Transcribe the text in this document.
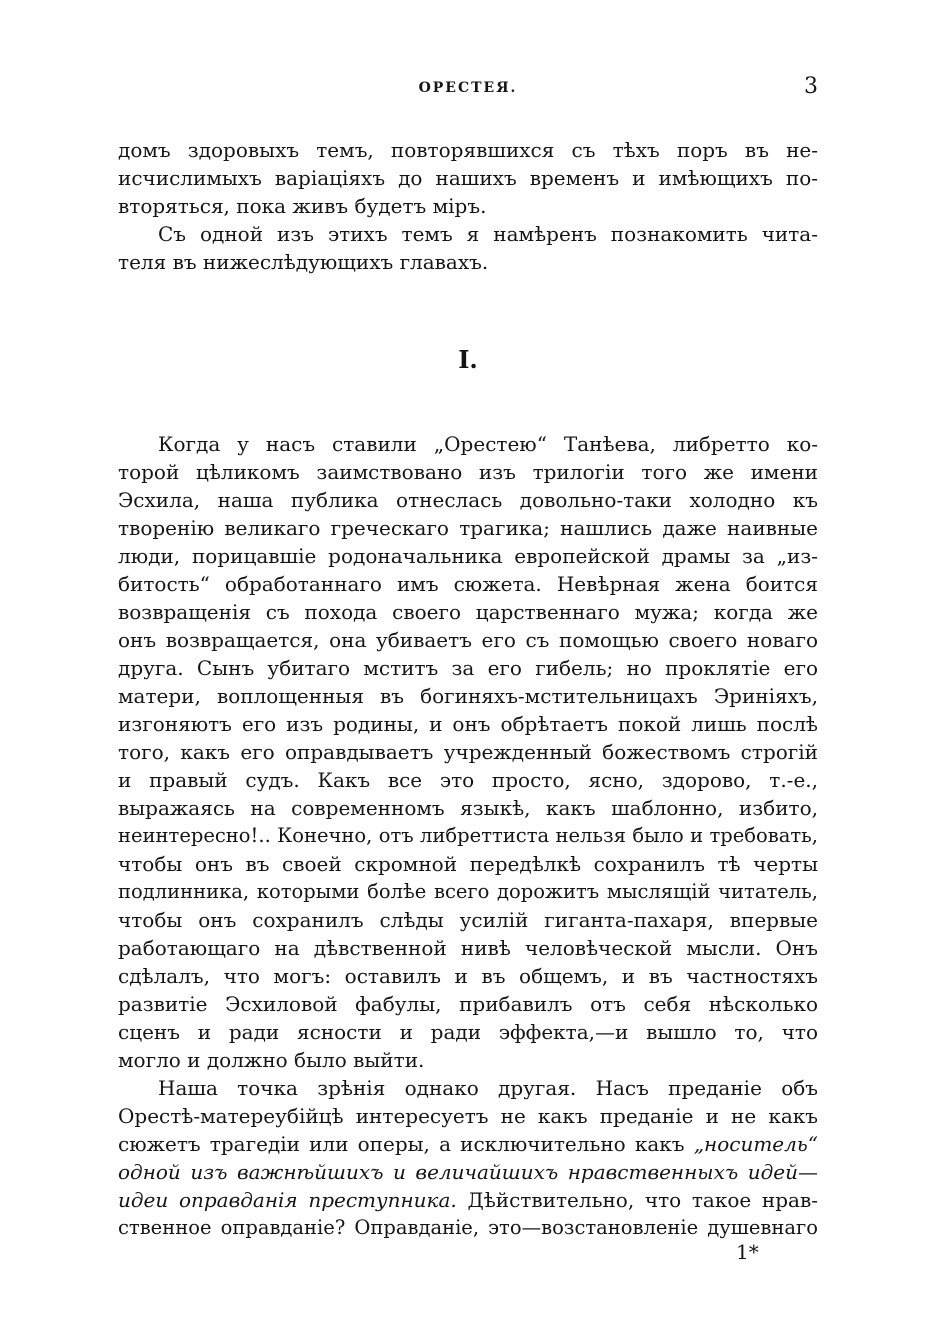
ОРЕСТЕЯ.	3
домъ здоровыхъ темъ, повторявшихся съ тѣхъ поръ въ не-
исчислимыхъ варiацiяхъ до нашихъ временъ и имѣющихъ по-
вторяться, пока живъ будетъ мiръ.
Съ одной изъ этихъ темъ я намѣренъ познакомить чита-
теля въ нижеслѣдующихъ главахъ.
I.
Когда у насъ ставили „Орестею“ Танѣева, либретто ко-
торой цѣликомъ заимствовано изъ трилогiи того же имени
Эсхила, наша публика отнеслась довольно-таки холодно къ
творенiю великаго греческаго трагика; нашлись даже наивные
люди, порицавшiе родоначальника европейской драмы за „из-
битость“ обработаннаго имъ сюжета. Невѣрная жена боится
возвращенiя съ похода своего царственнаго мужа; когда же
онъ возвращается, она убиваетъ его съ помощью своего новаго
друга. Сынъ убитаго мститъ за его гибель; но проклятiе его
матери, воплощенныя въ богиняхъ-мстительницахъ Эринiяхъ,
изгоняютъ его изъ родины, и онъ обрѣтаетъ покой лишь послѣ
того, какъ его оправдываетъ учрежденный божествомъ строгiй
и правый судъ. Какъ все это просто, ясно, здорово, т.-е.,
выражаясь на современномъ языкѣ, какъ шаблонно, избито,
неинтересно!.. Конечно, отъ либреттиста нельзя было и требовать,
чтобы онъ въ своей скромной передѣлкѣ сохранилъ тѣ черты
подлинника, которыми болѣе всего дорожитъ мыслящiй читатель,
чтобы онъ сохранилъ слѣды усилiй гиганта-пахаря, впервые
работающаго на дѣвственной нивѣ человѣческой мысли. Онъ
сдѣлалъ, что могъ: оставилъ и въ общемъ, и въ частностяхъ
развитiе Эсхиловой фабулы, прибавилъ отъ себя нѣсколько
сценъ и ради ясности и ради эффекта,—и вышло то, что
могло и должно было выйти.
Наша точка зрѣнiя однако другая. Насъ преданiе объ
Орестѣ-матереубiйцѣ интересуетъ не какъ преданiе и не какъ
сюжетъ трагедiи или оперы, а исключительно какъ „носитель“
одной изъ важнѣйшихъ и величайшихъ нравственныхъ идей—
идеи оправданiя преступника. Дѣйствительно, что такое нрав-
ственное оправданiе? Оправданiе, это—возстановленiе душевнаго
1*
